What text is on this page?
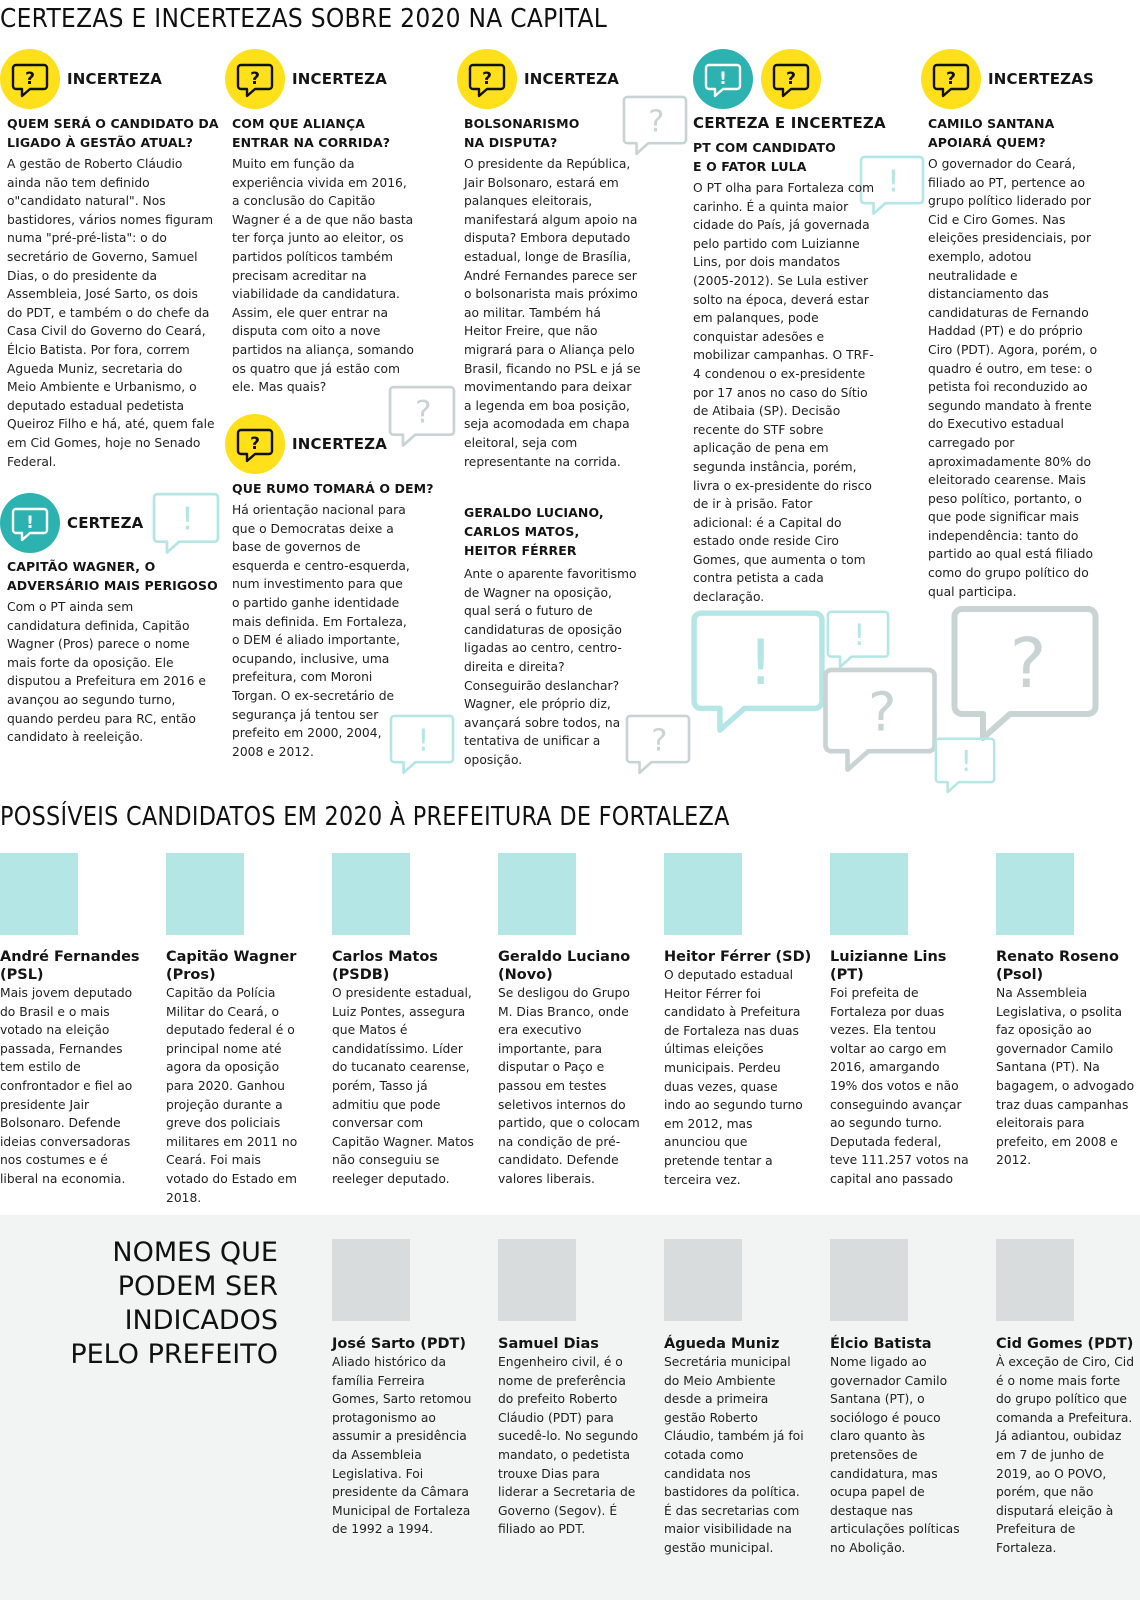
CERTEZAS E INCERTEZAS SOBRE 2020 NA CAPITAL
INCERTEZA
QUEM SERÁ O CANDIDATO DA LIGADO À GESTÃO ATUAL?
A gestão de Roberto Cláudio ainda não tem definido o"candidato natural". Nos bastidores, vários nomes figuram numa "pré-pré-lista": o do secretário de Governo, Samuel Dias, o do presidente da Assembleia, José Sarto, os dois do PDT, e também o do chefe da Casa Civil do Governo do Ceará, Élcio Batista. Por fora, correm Agueda Muniz, secretaria do Meio Ambiente e Urbanismo, o deputado estadual pedetista Queiroz Filho e há, até, quem fale em Cid Gomes, hoje no Senado Federal.
CERTEZA
CAPITÃO WAGNER, O ADVERSÁRIO MAIS PERIGOSO
Com o PT ainda sem candidatura definida, Capitão Wagner (Pros) parece o nome mais forte da oposição. Ele disputou a Prefeitura em 2016 e avançou ao segundo turno, quando perdeu para RC, então candidato à reeleição.
INCERTEZA
COM QUE ALIANÇA ENTRAR NA CORRIDA?
Muito em função da experiência vivida em 2016, a conclusão do Capitão Wagner é a de que não basta ter força junto ao eleitor, os partidos políticos também precisam acreditar na viabilidade da candidatura. Assim, ele quer entrar na disputa com oito a nove partidos na aliança, somando os quatro que já estão com ele. Mas quais?
INCERTEZA
QUE RUMO TOMARÁ O DEM?
Há orientação nacional para que o Democratas deixe a base de governos de esquerda e centro-esquerda, num investimento para que o partido ganhe identidade mais definida. Em Fortaleza, o DEM é aliado importante, ocupando, inclusive, uma prefeitura, com Moroni Torgan. O ex-secretário de segurança já tentou ser prefeito em 2000, 2004, 2008 e 2012.
INCERTEZA
BOLSONARISMO NA DISPUTA?
O presidente da República, Jair Bolsonaro, estará em palanques eleitorais, manifestará algum apoio na disputa? Embora deputado estadual, longe de Brasília, André Fernandes parece ser o bolsonarista mais próximo ao militar. Também há Heitor Freire, que não migrará para o Aliança pelo Brasil, ficando no PSL e já se movimentando para deixar a legenda em boa posição, seja acomodada em chapa eleitoral, seja com representante na corrida.
GERALDO LUCIANO, CARLOS MATOS, HEITOR FÉRRER
Ante o aparente favoritismo de Wagner na oposição, qual será o futuro de candidaturas de oposição ligadas ao centro, centro-direita e direita? Conseguirão deslanchar? Wagner, ele próprio diz, avançará sobre todos, na tentativa de unificar a oposição.
CERTEZA E INCERTEZA
PT COM CANDIDATO E O FATOR LULA
O PT olha para Fortaleza com carinho. É a quinta maior cidade do País, já governada pelo partido com Luizianne Lins, por dois mandatos (2005-2012). Se Lula estiver solto na época, deverá estar em palanques, pode conquistar adesões e mobilizar campanhas. O TRF-4 condenou o ex-presidente por 17 anos no caso do Sítio de Atibaia (SP). Decisão recente do STF sobre aplicação de pena em segunda instância, porém, livra o ex-presidente do risco de ir à prisão. Fator adicional: é a Capital do estado onde reside Ciro Gomes, que aumenta o tom contra petista a cada declaração.
INCERTEZAS
CAMILO SANTANA APOIARÁ QUEM?
O governador do Ceará, filiado ao PT, pertence ao grupo político liderado por Cid e Ciro Gomes. Nas eleições presidenciais, por exemplo, adotou neutralidade e distanciamento das candidaturas de Fernando Haddad (PT) e do próprio Ciro (PDT). Agora, porém, o quadro é outro, em tese: o petista foi reconduzido ao segundo mandato à frente do Executivo estadual carregado por aproximadamente 80% do eleitorado cearense. Mais peso político, portanto, o que pode significar mais independência: tanto do partido ao qual está filiado como do grupo político do qual participa.
POSSÍVEIS CANDIDATOS EM 2020 À PREFEITURA DE FORTALEZA
André Fernandes (PSL)
Mais jovem deputado do Brasil e o mais votado na eleição passada, Fernandes tem estilo de confrontador e fiel ao presidente Jair Bolsonaro. Defende ideias conversadoras nos costumes e é liberal na economia.
Capitão Wagner (Pros)
Capitão da Polícia Militar do Ceará, o deputado federal é o principal nome até agora da oposição para 2020. Ganhou projeção durante a greve dos policiais militares em 2011 no Ceará. Foi mais votado do Estado em 2018.
Carlos Matos (PSDB)
O presidente estadual, Luiz Pontes, assegura que Matos é candidatíssimo. Líder do tucanato cearense, porém, Tasso já admitiu que pode conversar com Capitão Wagner. Matos não conseguiu se reeleger deputado.
Geraldo Luciano (Novo)
Se desligou do Grupo M. Dias Branco, onde era executivo importante, para disputar o Paço e passou em testes seletivos internos do partido, que o colocam na condição de pré-candidato. Defende valores liberais.
Heitor Férrer (SD)
O deputado estadual Heitor Férrer foi candidato à Prefeitura de Fortaleza nas duas últimas eleições municipais. Perdeu duas vezes, quase indo ao segundo turno em 2012, mas anunciou que pretende tentar a terceira vez.
Luizianne Lins (PT)
Foi prefeita de Fortaleza por duas vezes. Ela tentou voltar ao cargo em 2016, amargando 19% dos votos e não conseguindo avançar ao segundo turno. Deputada federal, teve 111.257 votos na capital ano passado
Renato Roseno (Psol)
Na Assembleia Legislativa, o psolita faz oposição ao governador Camilo Santana (PT). Na bagagem, o advogado traz duas campanhas eleitorais para prefeito, em 2008 e 2012.
NOMES QUE PODEM SER INDICADOS PELO PREFEITO	José Sarto (PDT)
Aliado histórico da família Ferreira Gomes, Sarto retomou protagonismo ao assumir a presidência da Assembleia Legislativa. Foi presidente da Câmara Municipal de Fortaleza de 1992 a 1994.
Samuel Dias
Engenheiro civil, é o nome de preferência do prefeito Roberto Cláudio (PDT) para sucedê-lo. No segundo mandato, o pedetista trouxe Dias para liderar a Secretaria de Governo (Segov). É filiado ao PDT.
Águeda Muniz
Secretária municipal do Meio Ambiente desde a primeira gestão Roberto Cláudio, também já foi cotada como candidata nos bastidores da política. É das secretarias com maior visibilidade na gestão municipal.
Élcio Batista
Nome ligado ao governador Camilo Santana (PT), o sociólogo é pouco claro quanto às pretensões de candidatura, mas ocupa papel de destaque nas articulações políticas no Abolição.
Cid Gomes (PDT)
À exceção de Ciro, Cid é o nome mais forte do grupo político que comanda a Prefeitura. Já adiantou, oubidaz em 7 de junho de 2019, ao O POVO, porém, que não disputará eleição à Prefeitura de Fortaleza.
